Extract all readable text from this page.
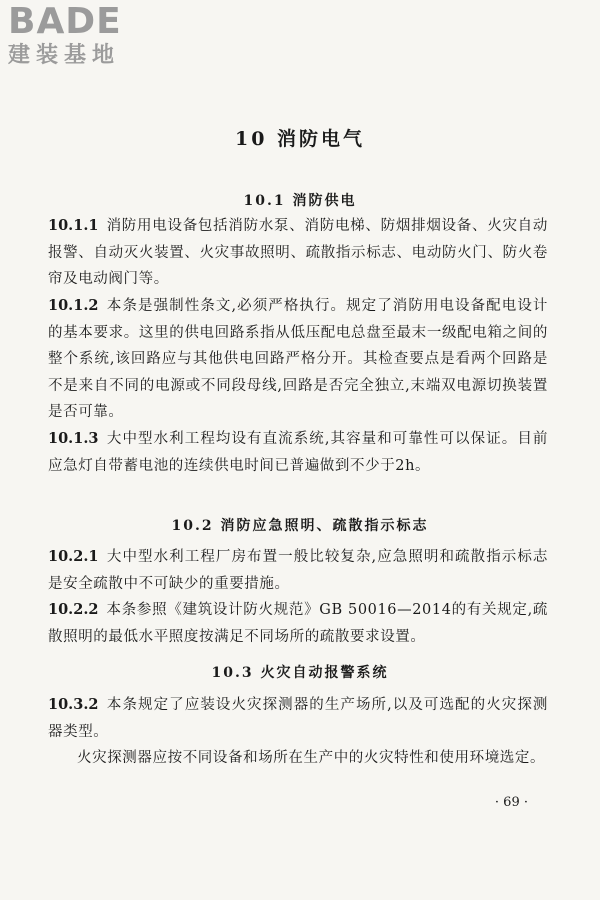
BADE
建装基地
10 消防电气
10.1 消防供电

10.1.1 消防用电设备包括消防水泵、消防电梯、防烟排烟设备、火灾自动报警、自动灭火装置、火灾事故照明、疏散指示标志、电动防火门、防火卷帘及电动阀门等。

10.1.2 本条是强制性条文,必须严格执行。规定了消防用电设备配电设计的基本要求。这里的供电回路系指从低压配电总盘至最末一级配电箱之间的整个系统,该回路应与其他供电回路严格分开。其检查要点是看两个回路是不是来自不同的电源或不同段母线,回路是否完全独立,末端双电源切换装置是否可靠。

10.1.3 大中型水利工程均设有直流系统,其容量和可靠性可以保证。目前应急灯自带蓄电池的连续供电时间已普遍做到不少于2h。

10.2 消防应急照明、疏散指示标志

10.2.1 大中型水利工程厂房布置一般比较复杂,应急照明和疏散指示标志是安全疏散中不可缺少的重要措施。

10.2.2 本条参照《建筑设计防火规范》GB 50016—2014的有关规定,疏散照明的最低水平照度按满足不同场所的疏散要求设置。

10.3 火灾自动报警系统

10.3.2 本条规定了应装设火灾探测器的生产场所,以及可选配的火灾探测器类型。

火灾探测器应按不同设备和场所在生产中的火灾特性和使用环境选定。

· 69 ·
